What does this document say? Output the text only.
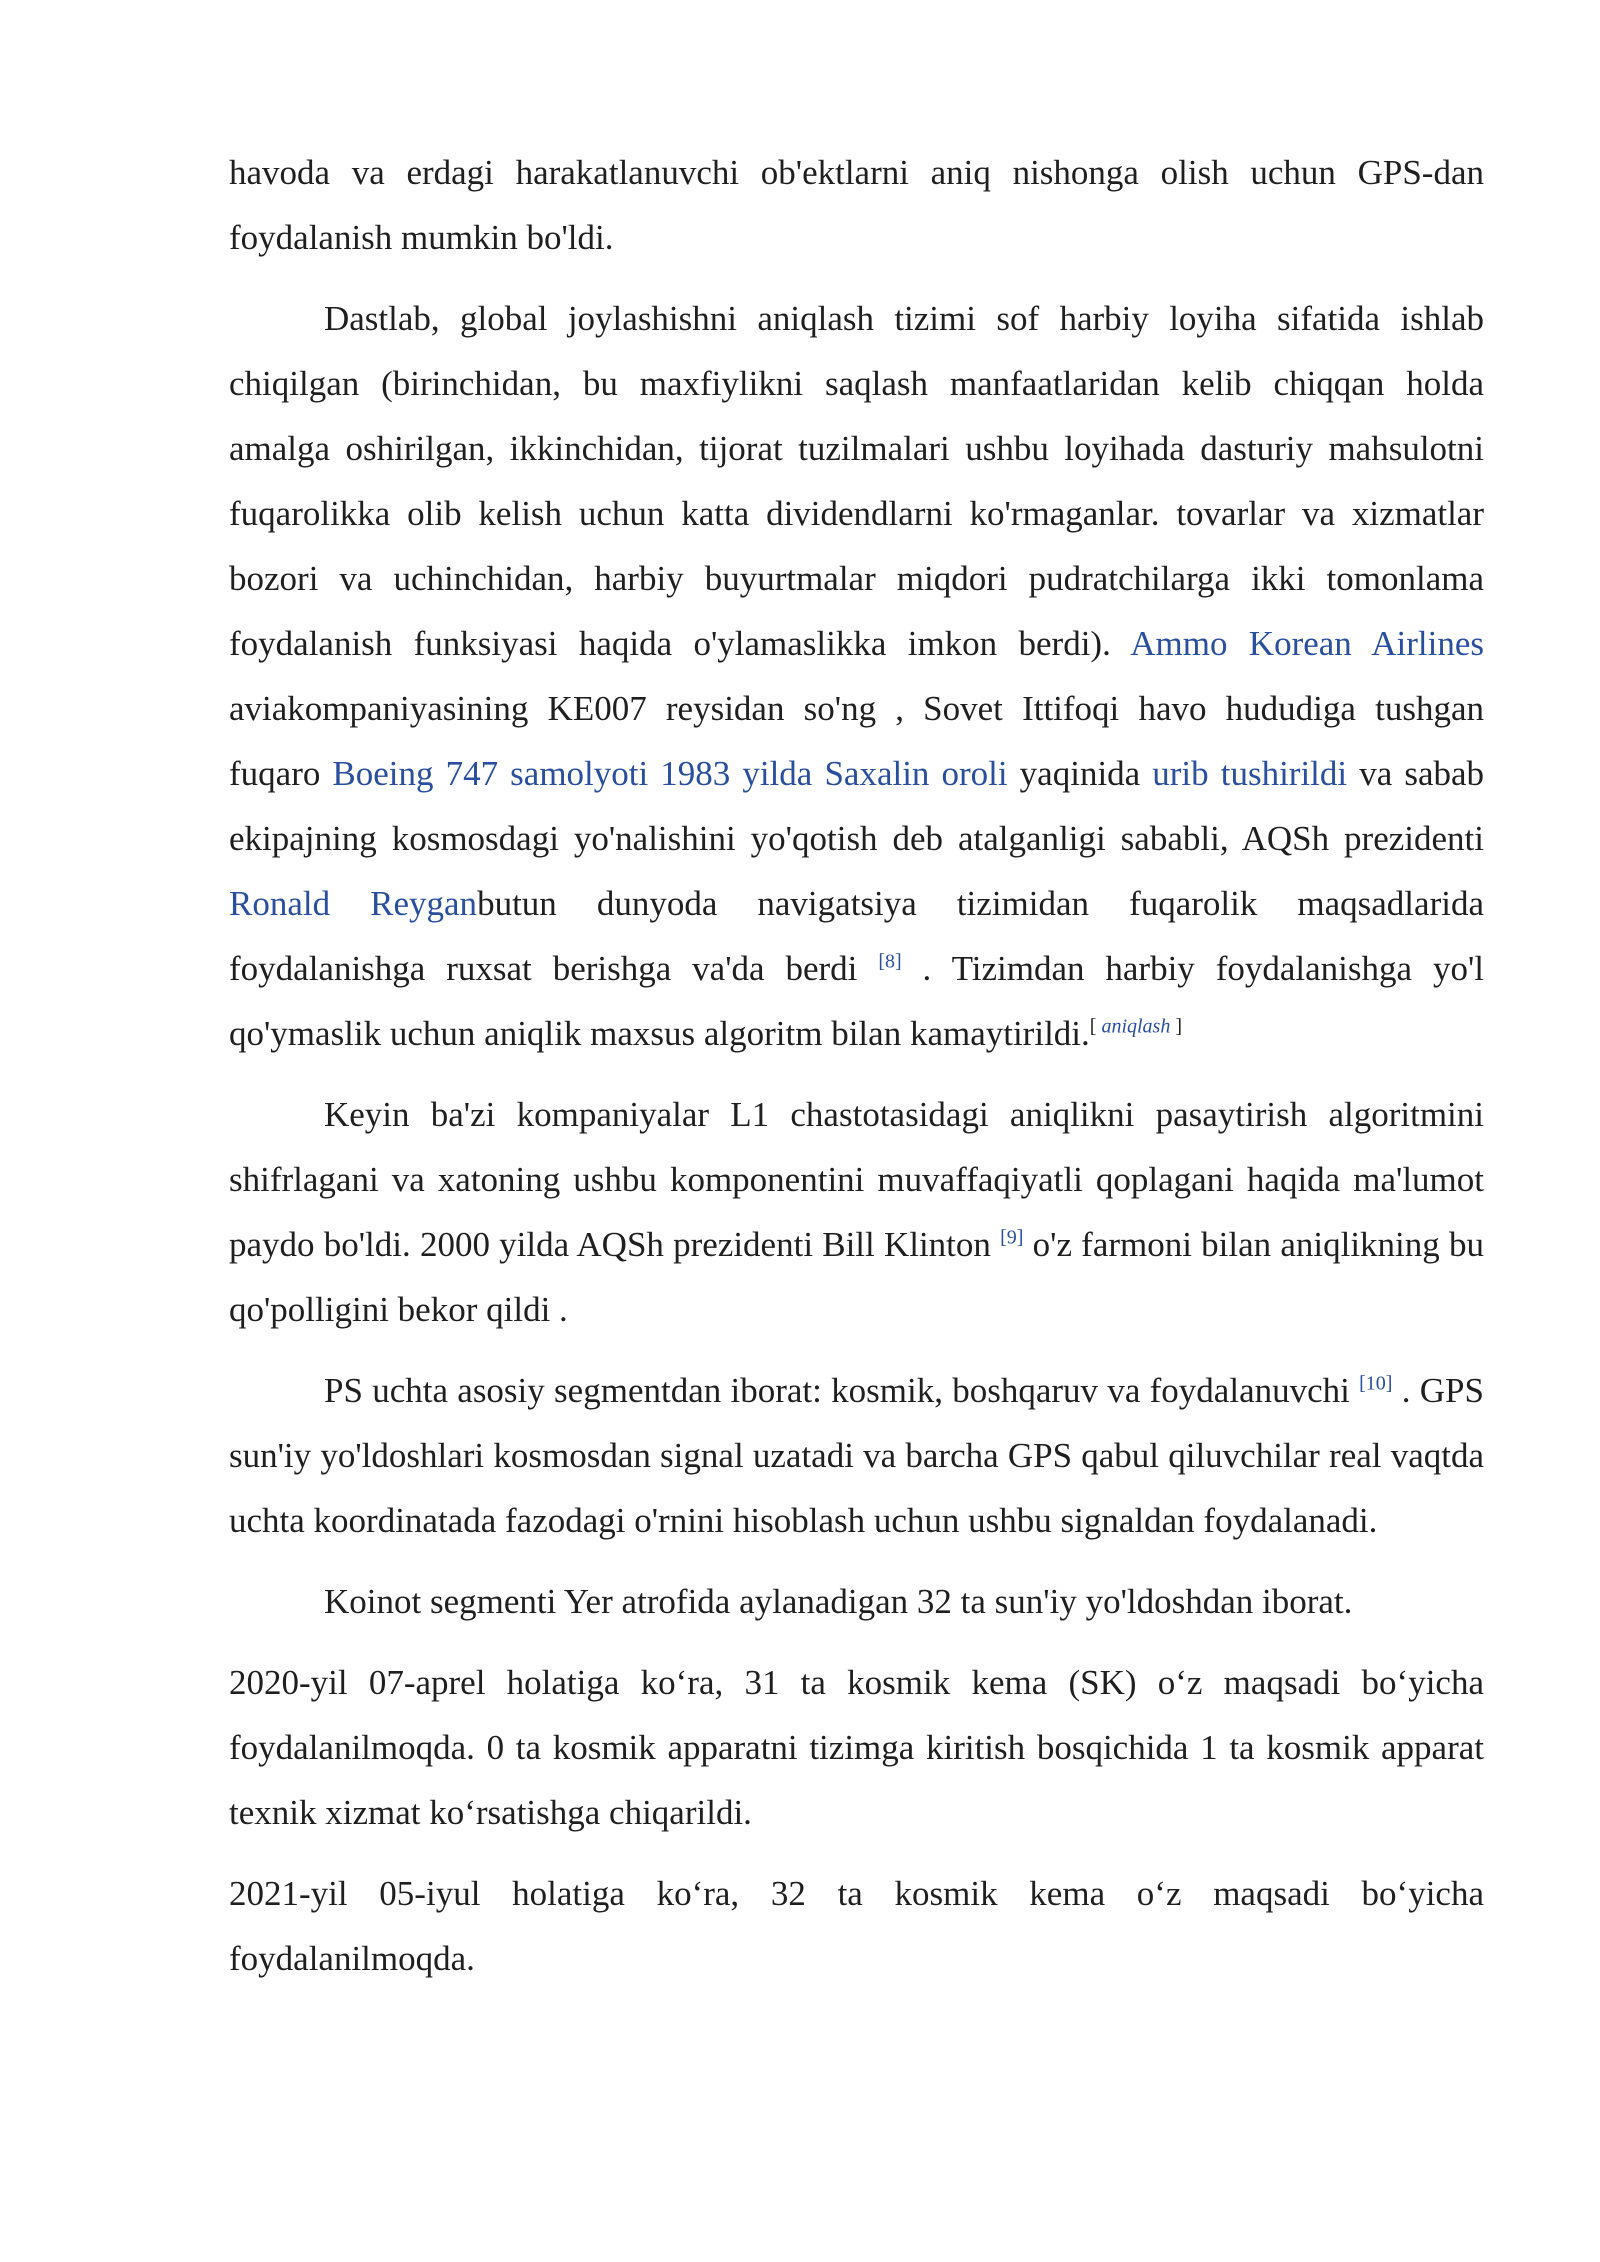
havoda va erdagi harakatlanuvchi ob'ektlarni aniq nishonga olish uchun GPS-dan foydalanish mumkin bo'ldi.

Dastlab, global joylashishni aniqlash tizimi sof harbiy loyiha sifatida ishlab chiqilgan (birinchidan, bu maxfiylikni saqlash manfaatlaridan kelib chiqqan holda amalga oshirilgan, ikkinchidan, tijorat tuzilmalari ushbu loyihada dasturiy mahsulotni fuqarolikka olib kelish uchun katta dividendlarni ko'rmaganlar. tovarlar va xizmatlar bozori va uchinchidan, harbiy buyurtmalar miqdori pudratchilarga ikki tomonlama foydalanish funksiyasi haqida o'ylamaslikka imkon berdi). Ammo Korean Airlines aviakompaniyasining KE007 reysidan so'ng , Sovet Ittifoqi havo hududiga tushgan fuqaro Boeing 747 samolyoti 1983 yilda Saxalin oroli yaqinida urib tushirildi va sabab ekipajning kosmosdagi yo'nalishini yo'qotish deb atalganligi sababli, AQSh prezidenti Ronald Reyganbutun dunyoda navigatsiya tizimidan fuqarolik maqsadlarida foydalanishga ruxsat berishga va'da berdi [8] . Tizimdan harbiy foydalanishga yo'l qo'ymaslik uchun aniqlik maxsus algoritm bilan kamaytirildi.[ aniqlash ]

Keyin ba'zi kompaniyalar L1 chastotasidagi aniqlikni pasaytirish algoritmini shifrlagani va xatoning ushbu komponentini muvaffaqiyatli qoplagani haqida ma'lumot paydo bo'ldi. 2000 yilda AQSh prezidenti Bill Klinton [9] o'z farmoni bilan aniqlikning bu qo'polligini bekor qildi .

PS uchta asosiy segmentdan iborat: kosmik, boshqaruv va foydalanuvchi [10] . GPS sun'iy yo'ldoshlari kosmosdan signal uzatadi va barcha GPS qabul qiluvchilar real vaqtda uchta koordinatada fazodagi o'rnini hisoblash uchun ushbu signaldan foydalanadi.

Koinot segmenti Yer atrofida aylanadigan 32 ta sun'iy yo'ldoshdan iborat.

2020-yil 07-aprel holatiga ko‘ra, 31 ta kosmik kema (SK) o‘z maqsadi bo‘yicha foydalanilmoqda. 0 ta kosmik apparatni tizimga kiritish bosqichida 1 ta kosmik apparat texnik xizmat ko‘rsatishga chiqarildi.

2021-yil 05-iyul holatiga ko‘ra, 32 ta kosmik kema o‘z maqsadi bo‘yicha foydalanilmoqda.
